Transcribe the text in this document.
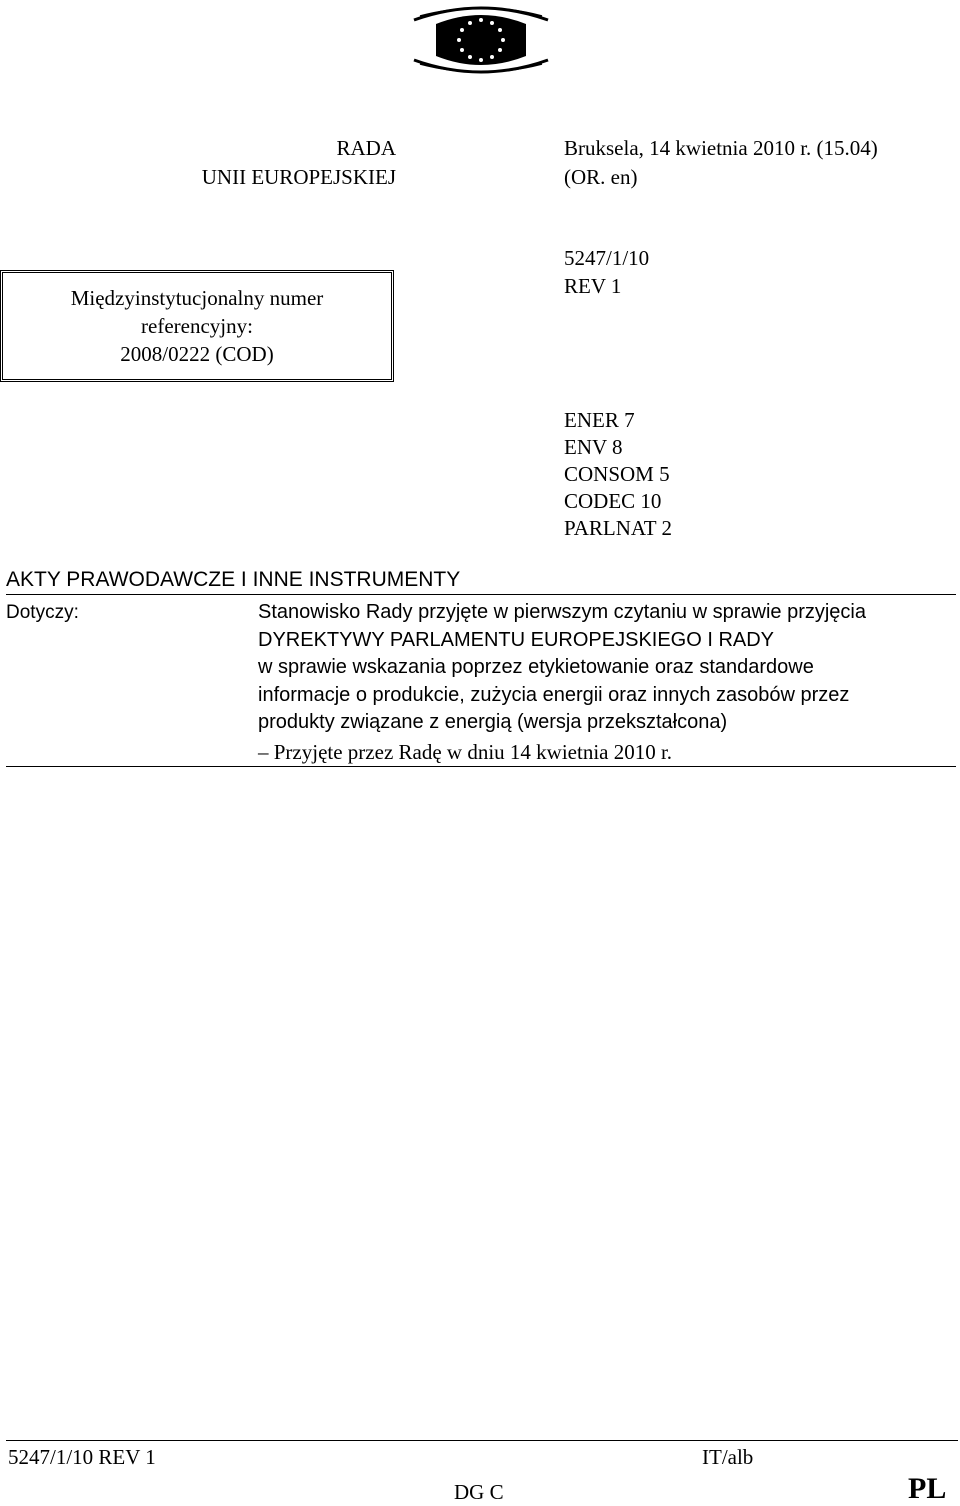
RADA
UNII EUROPEJSKIEJ
Bruksela, 14 kwietnia 2010 r. (15.04)
(OR. en)
Międzyinstytucjonalny numer
referencyjny:
2008/0222 (COD)
5247/1/10
REV 1
ENER 7
ENV 8
CONSOM 5
CODEC 10
PARLNAT 2
AKTY PRAWODAWCZE I INNE INSTRUMENTY
Dotyczy:	Stanowisko Rady przyjęte w pierwszym czytaniu w sprawie przyjęcia
DYREKTYWY PARLAMENTU EUROPEJSKIEGO I RADY
w sprawie wskazania poprzez etykietowanie oraz standardowe
informacje o produkcie, zużycia energii oraz innych zasobów przez
produkty związane z energią (wersja przekształcona)
– Przyjęte przez Radę w dniu 14 kwietnia 2010 r.
5247/1/10 REV 1	IT/alb
DG C	PL
